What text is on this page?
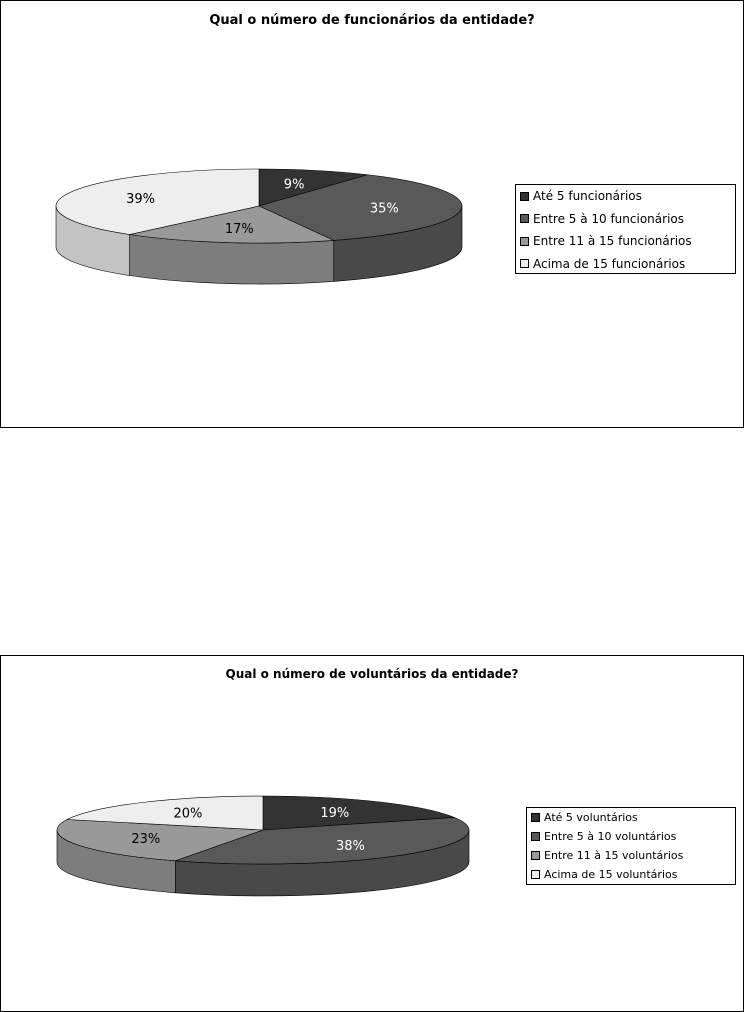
Qual o número de funcionários da entidade?
9%
35%
17%
39%	Até 5 funcionários
Entre 5 à 10 funcionários
Entre 11 à 15 funcionários
Acima de 15 funcionários
Qual o número de voluntários da entidade?
19%
38%
23%
20%	Até 5 voluntários
Entre 5 à 10 voluntários
Entre 11 à 15 voluntários
Acima de 15 voluntários
